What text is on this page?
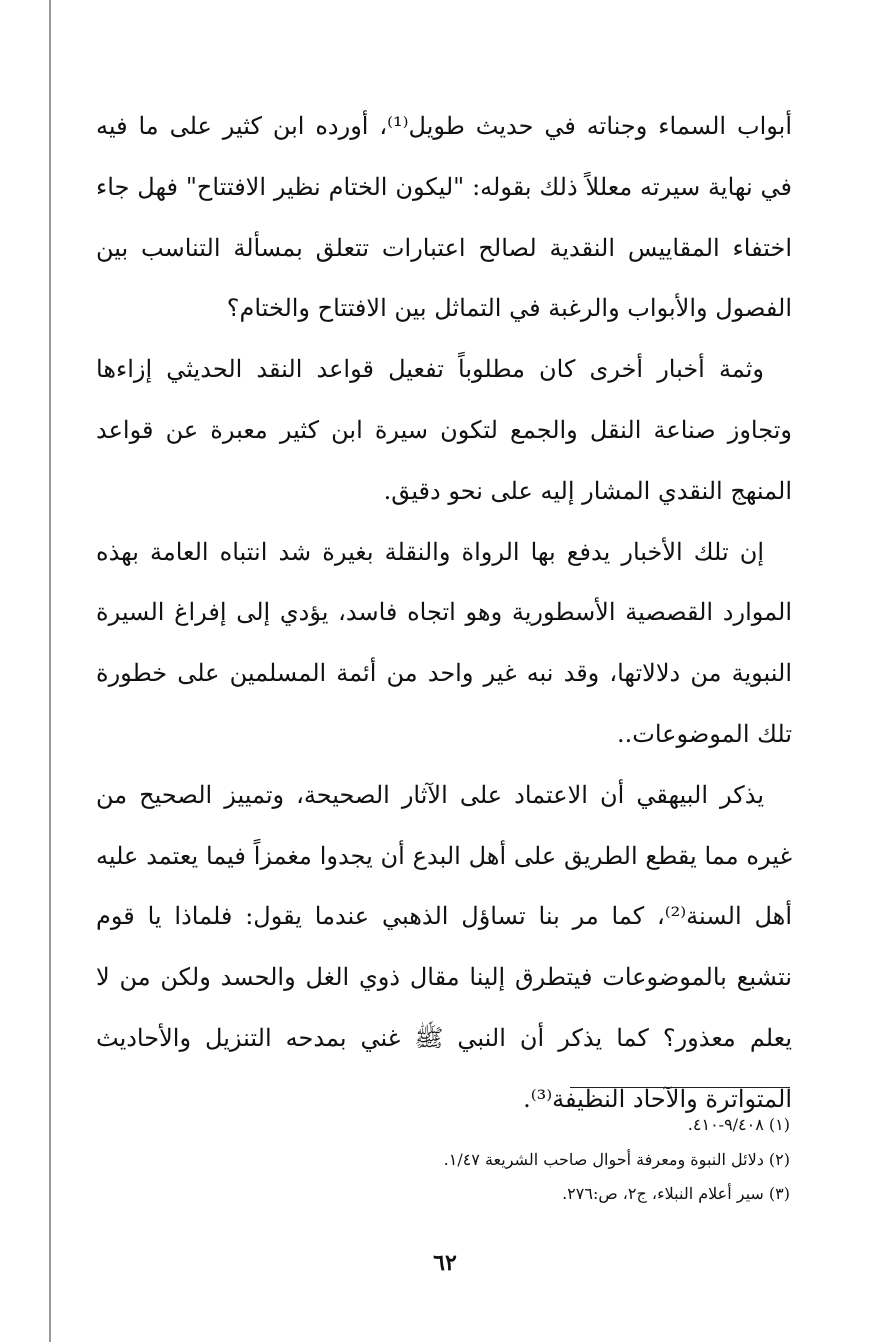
أبواب السماء وجناته في حديث طويل⁽¹⁾، أورده ابن كثير على ما فيه في نهاية سيرته معللاً ذلك بقوله: "ليكون الختام نظير الافتتاح" فهل جاء اختفاء المقاييس النقدية لصالح اعتبارات تتعلق بمسألة التناسب بين الفصول والأبواب والرغبة في التماثل بين الافتتاح والختام؟

وثمة أخبار أخرى كان مطلوباً تفعيل قواعد النقد الحديثي إزاءها وتجاوز صناعة النقل والجمع لتكون سيرة ابن كثير معبرة عن قواعد المنهج النقدي المشار إليه على نحو دقيق.

إن تلك الأخبار يدفع بها الرواة والنقلة بغيرة شد انتباه العامة بهذه الموارد القصصية الأسطورية وهو اتجاه فاسد، يؤدي إلى إفراغ السيرة النبوية من دلالاتها، وقد نبه غير واحد من أئمة المسلمين على خطورة تلك الموضوعات..

يذكر البيهقي أن الاعتماد على الآثار الصحيحة، وتمييز الصحيح من غيره مما يقطع الطريق على أهل البدع أن يجدوا مغمزاً فيما يعتمد عليه أهل السنة⁽²⁾، كما مر بنا تساؤل الذهبي عندما يقول: فلماذا يا قوم نتشبع بالموضوعات فيتطرق إلينا مقال ذوي الغل والحسد ولكن من لا يعلم معذور؟ كما يذكر أن النبي ﷺ غني بمدحه التنزيل والأحاديث المتواترة والآحاد النظيفة⁽³⁾.

(١) ٩/٤٠٨-٤١٠.

(٢) دلائل النبوة ومعرفة أحوال صاحب الشريعة ١/٤٧.

(٣) سير أعلام النبلاء، ج٢، ص:٢٧٦.

٦٢
